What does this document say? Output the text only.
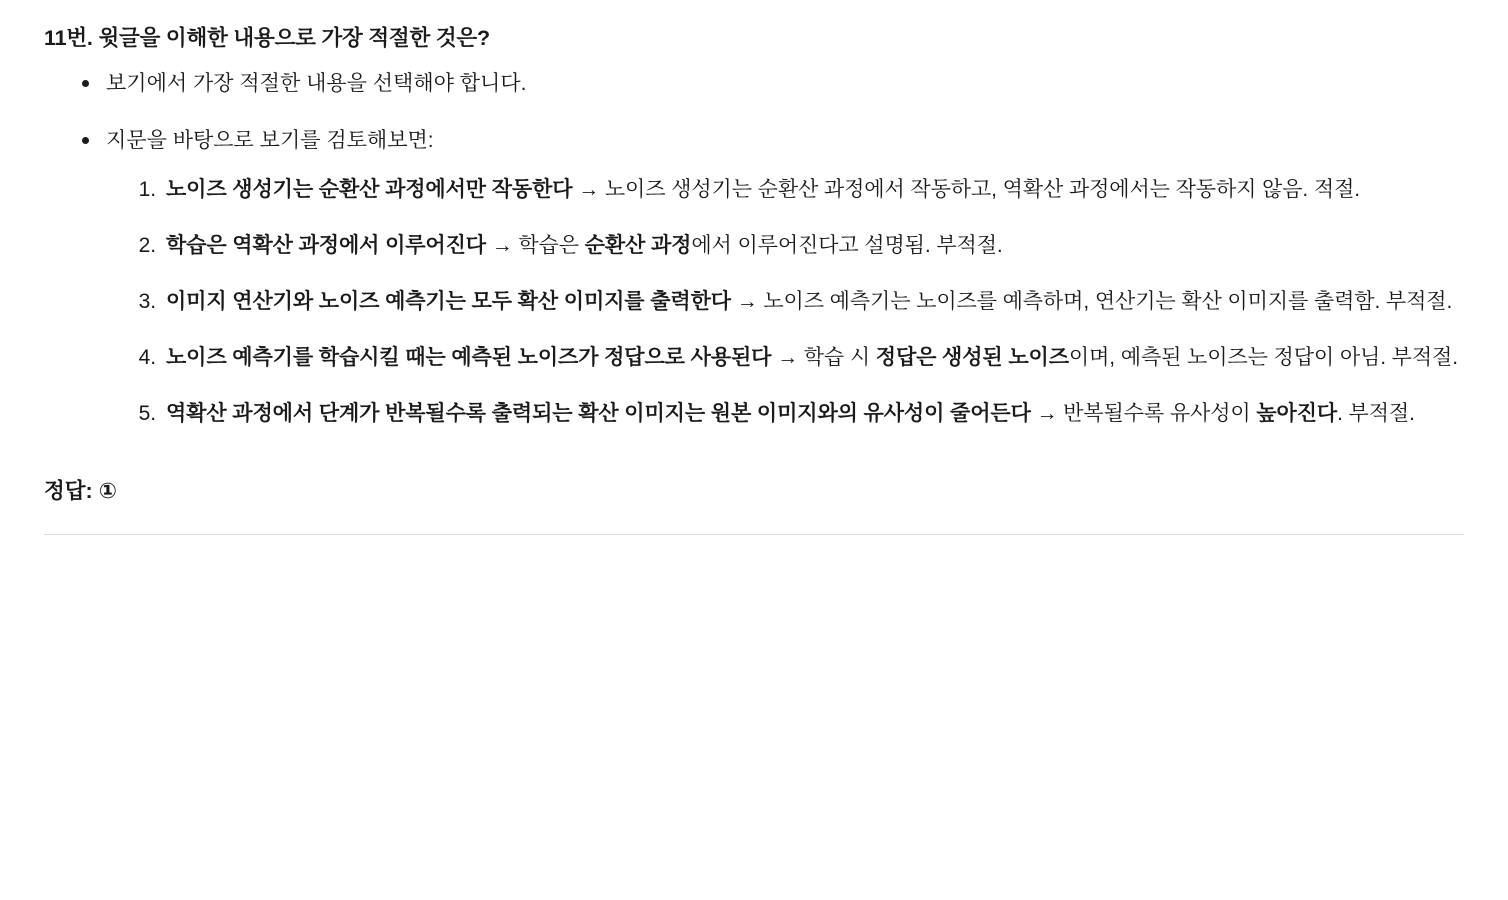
11번. 윗글을 이해한 내용으로 가장 적절한 것은?
보기에서 가장 적절한 내용을 선택해야 합니다.
지문을 바탕으로 보기를 검토해보면:
노이즈 생성기는 순환산 과정에서만 작동한다 → 노이즈 생성기는 순환산 과정에서 작동하고, 역확산 과정에서는 작동하지 않음. 적절.
학습은 역확산 과정에서 이루어진다 → 학습은 순환산 과정에서 이루어진다고 설명됨. 부적절.
이미지 연산기와 노이즈 예측기는 모두 확산 이미지를 출력한다 → 노이즈 예측기는 노이즈를 예측하며, 연산기는 확산 이미지를 출력함. 부적절.
노이즈 예측기를 학습시킬 때는 예측된 노이즈가 정답으로 사용된다 → 학습 시 정답은 생성된 노이즈이며, 예측된 노이즈는 정답이 아님. 부적절.
역확산 과정에서 단계가 반복될수록 출력되는 확산 이미지는 원본 이미지와의 유사성이 줄어든다 → 반복될수록 유사성이 높아진다. 부적절.
정답: ①
